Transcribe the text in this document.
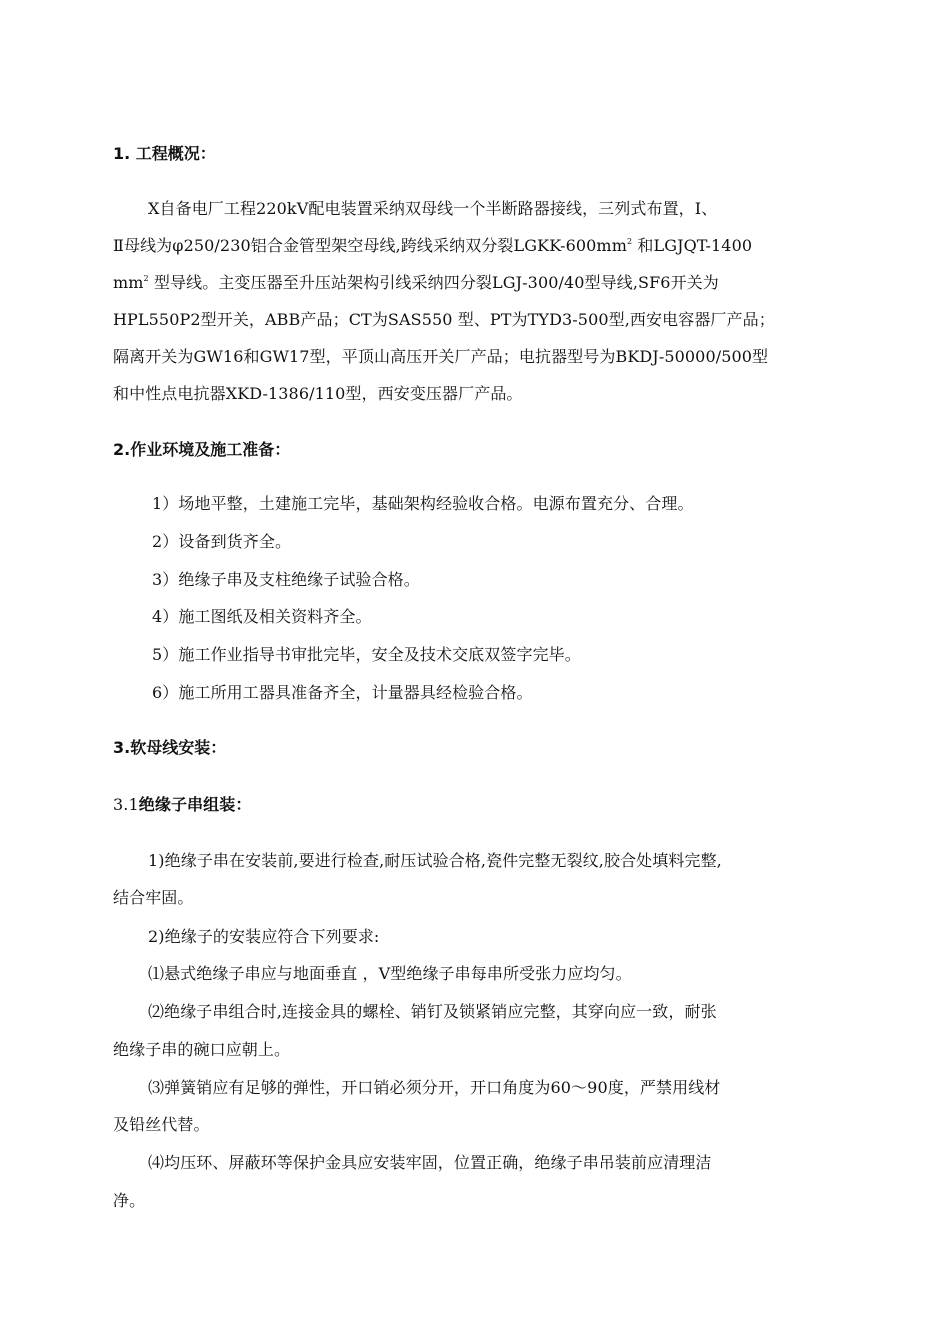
1. 工程概况：
X自备电厂工程220kV配电装置采纳双母线一个半断路器接线，三列式布置，Ⅰ、
Ⅱ母线为φ250/230铝合金管型架空母线,跨线采纳双分裂LGKK-$600mm^2$ 和LGJQT-1400
$mm^2$ 型导线。主变压器至升压站架构引线采纳四分裂LGJ-300/40型导线,SF6开关为
HPL550P2型开关，ABB产品；CT为SAS550 型、PT为TYD3-500型,西安电容器厂产品；
隔离开关为GW16和GW17型，平顶山高压开关厂产品；电抗器型号为BKDJ-50000/500型
和中性点电抗器XKD-1386/110型，西安变压器厂产品。
2.作业环境及施工准备：
1）场地平整，土建施工完毕，基础架构经验收合格。电源布置充分、合理。
2）设备到货齐全。
3）绝缘子串及支柱绝缘子试验合格。
4）施工图纸及相关资料齐全。
5）施工作业指导书审批完毕，安全及技术交底双签字完毕。
6）施工所用工器具准备齐全，计量器具经检验合格。
3.软母线安装：
3.1绝缘子串组装：
1)绝缘子串在安装前,要进行检查,耐压试验合格,瓷件完整无裂纹,胶合处填料完整,
结合牢固。
2)绝缘子的安装应符合下列要求:
⑴悬式绝缘子串应与地面垂直 ，V型绝缘子串每串所受张力应均匀。
⑵绝缘子串组合时,连接金具的螺栓、销钉及锁紧销应完整，其穿向应一致，耐张
绝缘子串的碗口应朝上。
⑶弹簧销应有足够的弹性，开口销必须分开，开口角度为60～90度，严禁用线材
及铅丝代替。
⑷均压环、屏蔽环等保护金具应安装牢固，位置正确，绝缘子串吊装前应清理洁
净。
